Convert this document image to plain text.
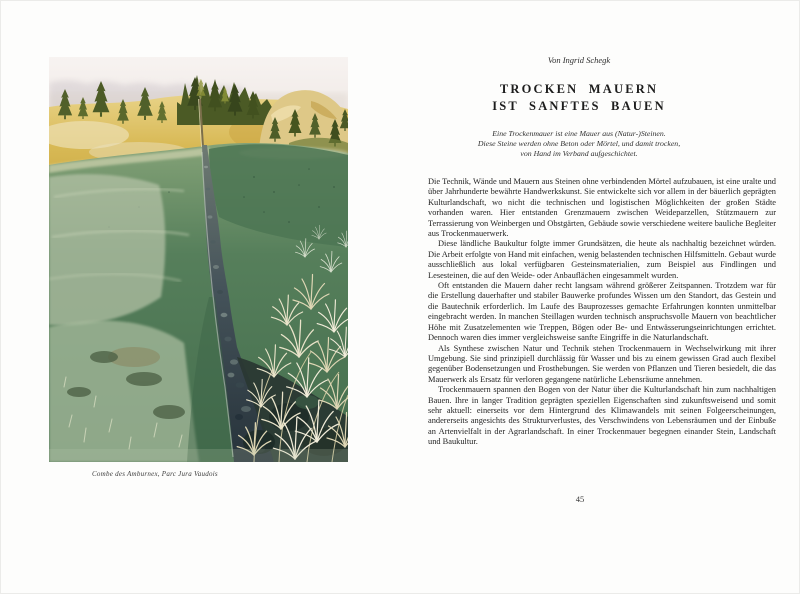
Combe des Amburnex, Parc Jura Vaudois
Von Ingrid Schegk
TROCKEN MAUERN
IST SANFTES BAUEN
Eine Trockenmauer ist eine Mauer aus (Natur-)Steinen.
Diese Steine werden ohne Beton oder Mörtel, und damit trocken,
von Hand im Verband aufgeschichtet.

Die Technik, Wände und Mauern aus Steinen ohne verbindenden Mörtel aufzubauen, ist eine uralte und über Jahrhunderte bewährte Handwerkskunst. Sie entwickelte sich vor allem in der bäuerlich geprägten Kulturlandschaft, wo nicht die technischen und logistischen Möglichkeiten der großen Städte vorhanden waren. Hier entstanden Grenzmauern zwischen Weideparzellen, Stützmauern zur Terrassierung von Weinbergen und Obstgärten, Gebäude sowie verschiedene weitere bauliche Begleiter aus Trockenmauerwerk.

Diese ländliche Baukultur folgte immer Grundsätzen, die heute als nachhaltig bezeichnet würden. Die Arbeit erfolgte von Hand mit einfachen, wenig belastenden technischen Hilfsmitteln. Gebaut wurde ausschließlich aus lokal verfügbaren Gesteinsmaterialien, zum Beispiel aus Findlingen und Lesesteinen, die auf den Weide- oder Anbauflächen eingesammelt wurden.

Oft entstanden die Mauern daher recht langsam während größerer Zeitspannen. Trotzdem war für die Erstellung dauerhafter und stabiler Bauwerke profundes Wissen um den Standort, das Gestein und die Bautechnik erforderlich. Im Laufe des Bauprozesses gemachte Erfahrungen konnten unmittelbar eingebracht werden. In manchen Steillagen wurden technisch anspruchsvolle Mauern von beachtlicher Höhe mit Zusatzelementen wie Treppen, Bögen oder Be- und Entwässerungseinrichtungen errichtet. Dennoch waren dies immer vergleichsweise sanfte Eingriffe in die Naturlandschaft.

Als Synthese zwischen Natur und Technik stehen Trockenmauern in Wechselwirkung mit ihrer Umgebung. Sie sind prinzipiell durchlässig für Wasser und bis zu einem gewissen Grad auch flexibel gegenüber Bodensetzungen und Frosthebungen. Sie werden von Pflanzen und Tieren besiedelt, die das Mauerwerk als Ersatz für verloren gegangene natürliche Lebensräume annehmen.

Trockenmauern spannen den Bogen von der Natur über die Kulturlandschaft hin zum nachhaltigen Bauen. Ihre in langer Tradition geprägten speziellen Eigenschaften sind zukunftsweisend und somit sehr aktuell: einerseits vor dem Hintergrund des Klimawandels mit seinen Folgeerscheinungen, andererseits angesichts des Strukturverlustes, des Verschwindens von Lebensräumen und der Einbuße an Artenvielfalt in der Agrarlandschaft. In einer Trockenmauer begegnen einander Stein, Landschaft und Baukultur.

45
